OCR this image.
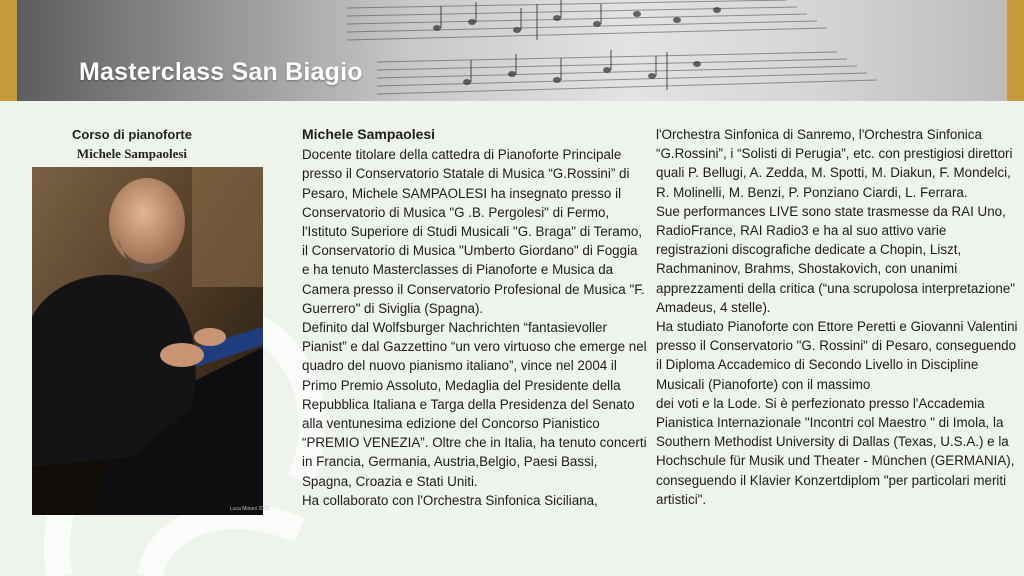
Masterclass San Biagio
Corso di pianoforte
Michele Sampaolesi
Luca Moiani 2020

Michele Sampaolesi

Docente titolare della cattedra di Pianoforte Principale presso il Conservatorio Statale di Musica “G.Rossini” di Pesaro, Michele SAMPAOLESI ha insegnato presso il Conservatorio di Musica "G .B. Pergolesi" di Fermo, l'Istituto Superiore di Studi Musicali "G. Braga" di Teramo, il Conservatorio di Musica "Umberto Giordano" di Foggia e ha tenuto Masterclasses di Pianoforte e Musica da Camera presso il Conservatorio Profesional de Musica "F. Guerrero" di Siviglia (Spagna).

Definito dal Wolfsburger Nachrichten “fantasievoller Pianist” e dal Gazzettino “un vero virtuoso che emerge nel quadro del nuovo pianismo italiano”, vince nel 2004 il Primo Premio Assoluto, Medaglia del Presidente della Repubblica Italiana e Targa della Presidenza del Senato alla ventunesima edizione del Concorso Pianistico “PREMIO VENEZIA”. Oltre che in Italia, ha tenuto concerti in Francia, Germania, Austria,Belgio, Paesi Bassi, Spagna, Croazia e Stati Uniti.

Ha collaborato con l'Orchestra Sinfonica Siciliana,

l'Orchestra Sinfonica di Sanremo, l'Orchestra Sinfonica “G.Rossini”, i “Solisti di Perugia”, etc. con prestigiosi direttori quali P. Bellugi, A. Zedda, M. Spotti, M. Diakun, F. Mondelci, R. Molinelli, M. Benzi, P. Ponziano Ciardi, L. Ferrara.

Sue performances LIVE sono state trasmesse da RAI Uno, RadioFrance, RAI Radio3 e ha al suo attivo varie registrazioni discografiche dedicate a Chopin, Liszt, Rachmaninov, Brahms, Shostakovich, con unanimi apprezzamenti della critica (“una scrupolosa interpretazione" Amadeus, 4 stelle).

Ha studiato Pianoforte con Ettore Peretti e Giovanni Valentini presso il Conservatorio "G. Rossini" di Pesaro, conseguendo il Diploma Accademico di Secondo Livello in Discipline Musicali (Pianoforte) con il massimo

dei voti e la Lode. Si è perfezionato presso l'Accademia Pianistica Internazionale "Incontri col Maestro " di Imola, la Southern Methodist University di Dallas (Texas, U.S.A.) e la Hochschule für Musik und Theater - München (GERMANIA), conseguendo il Klavier Konzertdiplom "per particolari meriti artistici".
